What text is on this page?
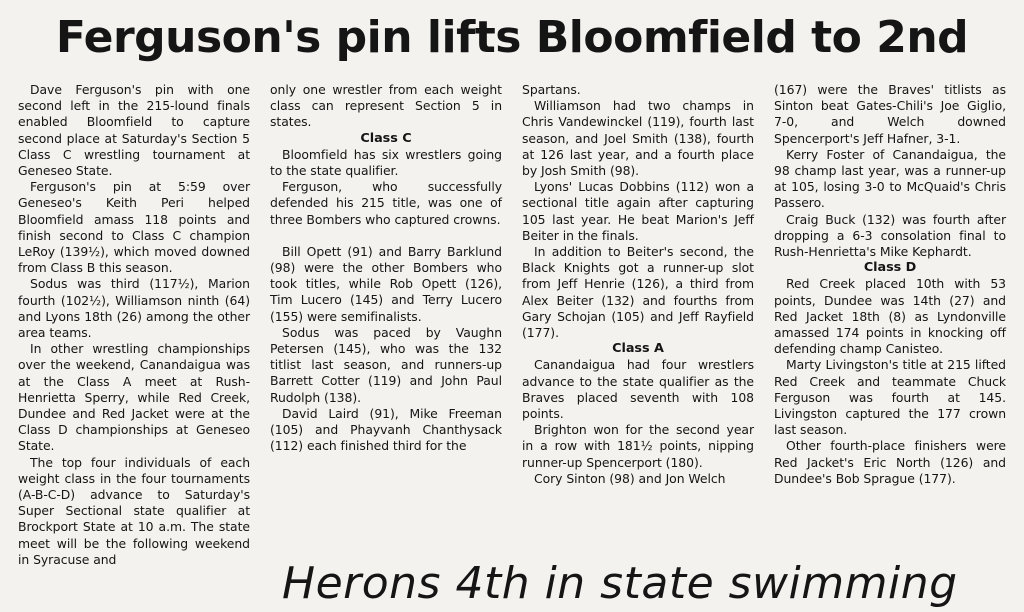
Ferguson's pin lifts Bloomfield to 2nd

Dave Ferguson's pin with one second left in the 215-lound finals enabled Bloomfield to capture second place at Saturday's Section 5 Class C wrestling tournament at Geneseo State.

Ferguson's pin at 5:59 over Geneseo's Keith Peri helped Bloomfield amass 118 points and finish second to Class C champion LeRoy (139½), which moved downed from Class B this season.

Sodus was third (117½), Marion fourth (102½), Williamson ninth (64) and Lyons 18th (26) among the other area teams.

In other wrestling championships over the weekend, Canandaigua was at the Class A meet at Rush-Henrietta Sperry, while Red Creek, Dundee and Red Jacket were at the Class D championships at Geneseo State.

The top four individuals of each weight class in the four tournaments (A-B-C-D) advance to Saturday's Super Sectional state qualifier at Brockport State at 10 a.m. The state meet will be the following weekend in Syracuse and

only one wrestler from each weight class can represent Section 5 in states.

Class C

Bloomfield has six wrestlers going to the state qualifier.

Ferguson, who successfully defended his 215 title, was one of three Bombers who captured crowns.

Bill Opett (91) and Barry Barklund (98) were the other Bombers who took titles, while Rob Opett (126), Tim Lucero (145) and Terry Lucero (155) were semifinalists.

Sodus was paced by Vaughn Petersen (145), who was the 132 titlist last season, and runners-up Barrett Cotter (119) and John Paul Rudolph (138).

David Laird (91), Mike Freeman (105) and Phayvanh Chanthysack (112) each finished third for the

Spartans.

Williamson had two champs in Chris Vandewinckel (119), fourth last season, and Joel Smith (138), fourth at 126 last year, and a fourth place by Josh Smith (98).

Lyons' Lucas Dobbins (112) won a sectional title again after capturing 105 last year. He beat Marion's Jeff Beiter in the finals.

In addition to Beiter's second, the Black Knights got a runner-up slot from Jeff Henrie (126), a third from Alex Beiter (132) and fourths from Gary Schojan (105) and Jeff Rayfield (177).

Class A

Canandaigua had four wrestlers advance to the state qualifier as the Braves placed seventh with 108 points.

Brighton won for the second year in a row with 181½ points, nipping runner-up Spencerport (180).

Cory Sinton (98) and Jon Welch

(167) were the Braves' titlists as Sinton beat Gates-Chili's Joe Giglio, 7-0, and Welch downed Spencerport's Jeff Hafner, 3-1.

Kerry Foster of Canandaigua, the 98 champ last year, was a runner-up at 105, losing 3-0 to McQuaid's Chris Passero.

Craig Buck (132) was fourth after dropping a 6-3 consolation final to Rush-Henrietta's Mike Kephardt.

Class D

Red Creek placed 10th with 53 points, Dundee was 14th (27) and Red Jacket 18th (8) as Lyndonville amassed 174 points in knocking off defending champ Canisteo.

Marty Livingston's title at 215 lifted Red Creek and teammate Chuck Ferguson was fourth at 145. Livingston captured the 177 crown last season.

Other fourth-place finishers were Red Jacket's Eric North (126) and Dundee's Bob Sprague (177).

Herons 4th in state swimming
